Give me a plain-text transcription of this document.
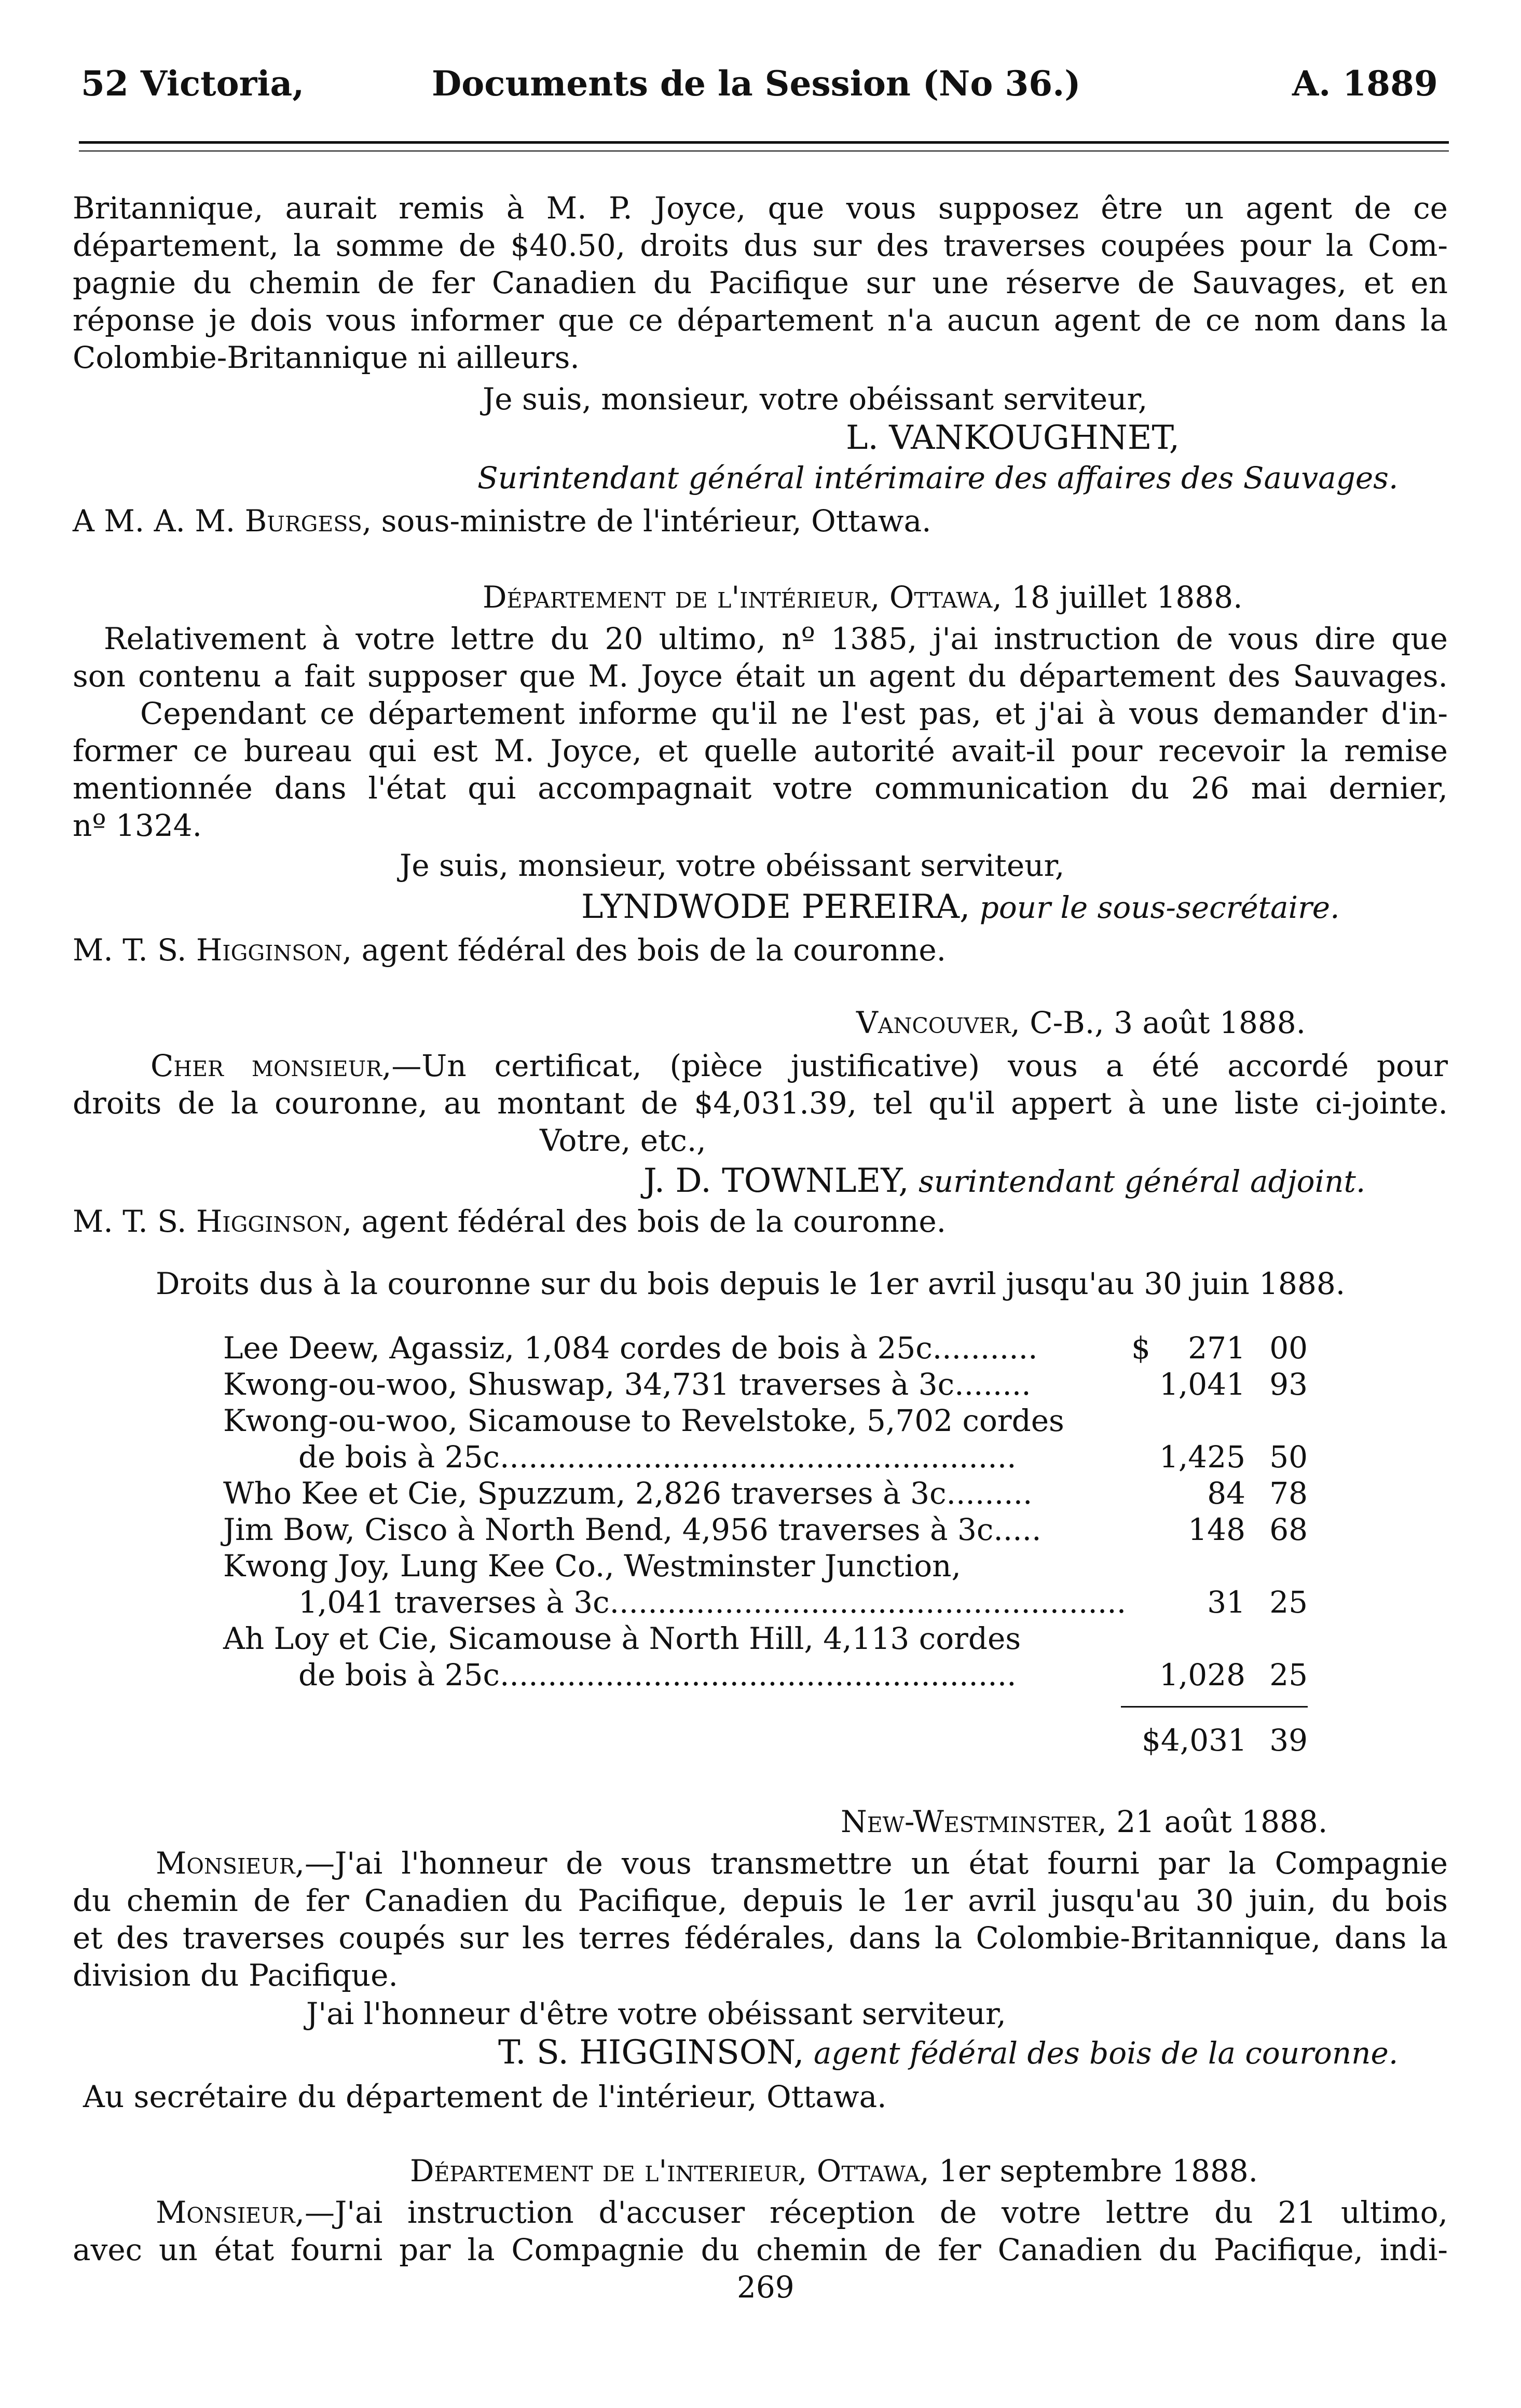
52 Victoria,	Documents de la Session (No 36.)	A. 1889
Britannique, aurait remis à M. P. Joyce, que vous supposez être un agent de ce
département, la somme de $40.50, droits dus sur des traverses coupées pour la Com-
pagnie du chemin de fer Canadien du Pacifique sur une réserve de Sauvages, et en
réponse je dois vous informer que ce département n'a aucun agent de ce nom dans la
Colombie-Britannique ni ailleurs.
Je suis, monsieur, votre obéissant serviteur,
L. VANKOUGHNET,
Surintendant général intérimaire des affaires des Sauvages.
A M. A. M. Burgess, sous-ministre de l'intérieur, Ottawa.
Département de l'intérieur, Ottawa, 18 juillet 1888.
Relativement à votre lettre du 20 ultimo, nº 1385, j'ai instruction de vous dire que
son contenu a fait supposer que M. Joyce était un agent du département des Sauvages.
Cependant ce département informe qu'il ne l'est pas, et j'ai à vous demander d'in-
former ce bureau qui est M. Joyce, et quelle autorité avait-il pour recevoir la remise
mentionnée dans l'état qui accompagnait votre communication du 26 mai dernier,
nº 1324.
Je suis, monsieur, votre obéissant serviteur,
LYNDWODE PEREIRA, pour le sous-secrétaire.
M. T. S. Higginson, agent fédéral des bois de la couronne.
Vancouver, C-B., 3 août 1888.
Cher monsieur,—Un certificat, (pièce justificative) vous a été accordé pour
droits de la couronne, au montant de $4,031.39, tel qu'il appert à une liste ci-jointe.
Votre, etc.,
J. D. TOWNLEY, surintendant général adjoint.
M. T. S. Higginson, agent fédéral des bois de la couronne.
Droits dus à la couronne sur du bois depuis le 1er avril jusqu'au 30 juin 1888.
Lee Deew, Agassiz, 1,084 cordes de bois à 25c...........	$	271 00
Kwong-ou-woo, Shuswap, 34,731 traverses à 3c........	1,041 93
Kwong-ou-woo, Sicamouse to Revelstoke, 5,702 cordes
de bois à 25c......................................................	1,425 50
Who Kee et Cie, Spuzzum, 2,826 traverses à 3c.........	84 78
Jim Bow, Cisco à North Bend, 4,956 traverses à 3c.....	148 68
Kwong Joy, Lung Kee Co., Westminster Junction,
1,041 traverses à 3c......................................................	31 25
Ah Loy et Cie, Sicamouse à North Hill, 4,113 cordes
de bois à 25c......................................................	1,028 25
$4,031 39
New-Westminster, 21 août 1888.
Monsieur,—J'ai l'honneur de vous transmettre un état fourni par la Compagnie
du chemin de fer Canadien du Pacifique, depuis le 1er avril jusqu'au 30 juin, du bois
et des traverses coupés sur les terres fédérales, dans la Colombie-Britannique, dans la
division du Pacifique.
J'ai l'honneur d'être votre obéissant serviteur,
T. S. HIGGINSON, agent fédéral des bois de la couronne.
Au secrétaire du département de l'intérieur, Ottawa.
Département de l'interieur, Ottawa, 1er septembre 1888.
Monsieur,—J'ai instruction d'accuser réception de votre lettre du 21 ultimo,
avec un état fourni par la Compagnie du chemin de fer Canadien du Pacifique, indi-
269
